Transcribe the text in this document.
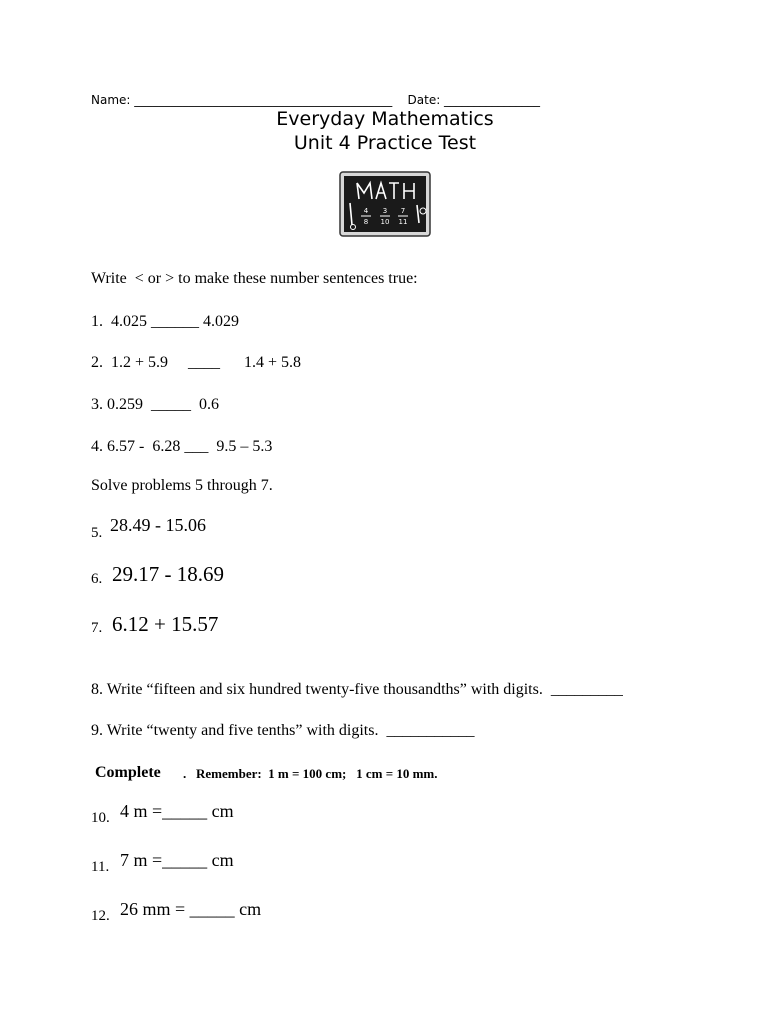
Name: ___________________________________________    Date: ________________
Everyday Mathematics
Unit 4 Practice Test
4
8
3
10
7
11
Write  < or > to make these number sentences true:
1.  4.025 ______ 4.029
2.  1.2 + 5.9     ____      1.4 + 5.8
3. 0.259  _____  0.6
4. 6.57 -  6.28 ___  9.5 – 5.3
Solve problems 5 through 7.
5. 28.49 - 15.06
6. 29.17 - 18.69
7. 6.12 + 15.57
8. Write “fifteen and six hundred twenty-five thousandths” with digits.  _________
9. Write “twenty and five tenths” with digits.  ___________
Complete .   Remember:  1 m = 100 cm;   1 cm = 10 mm.
10. 4 m =_____ cm
11. 7 m =_____ cm
12. 26 mm = _____ cm
